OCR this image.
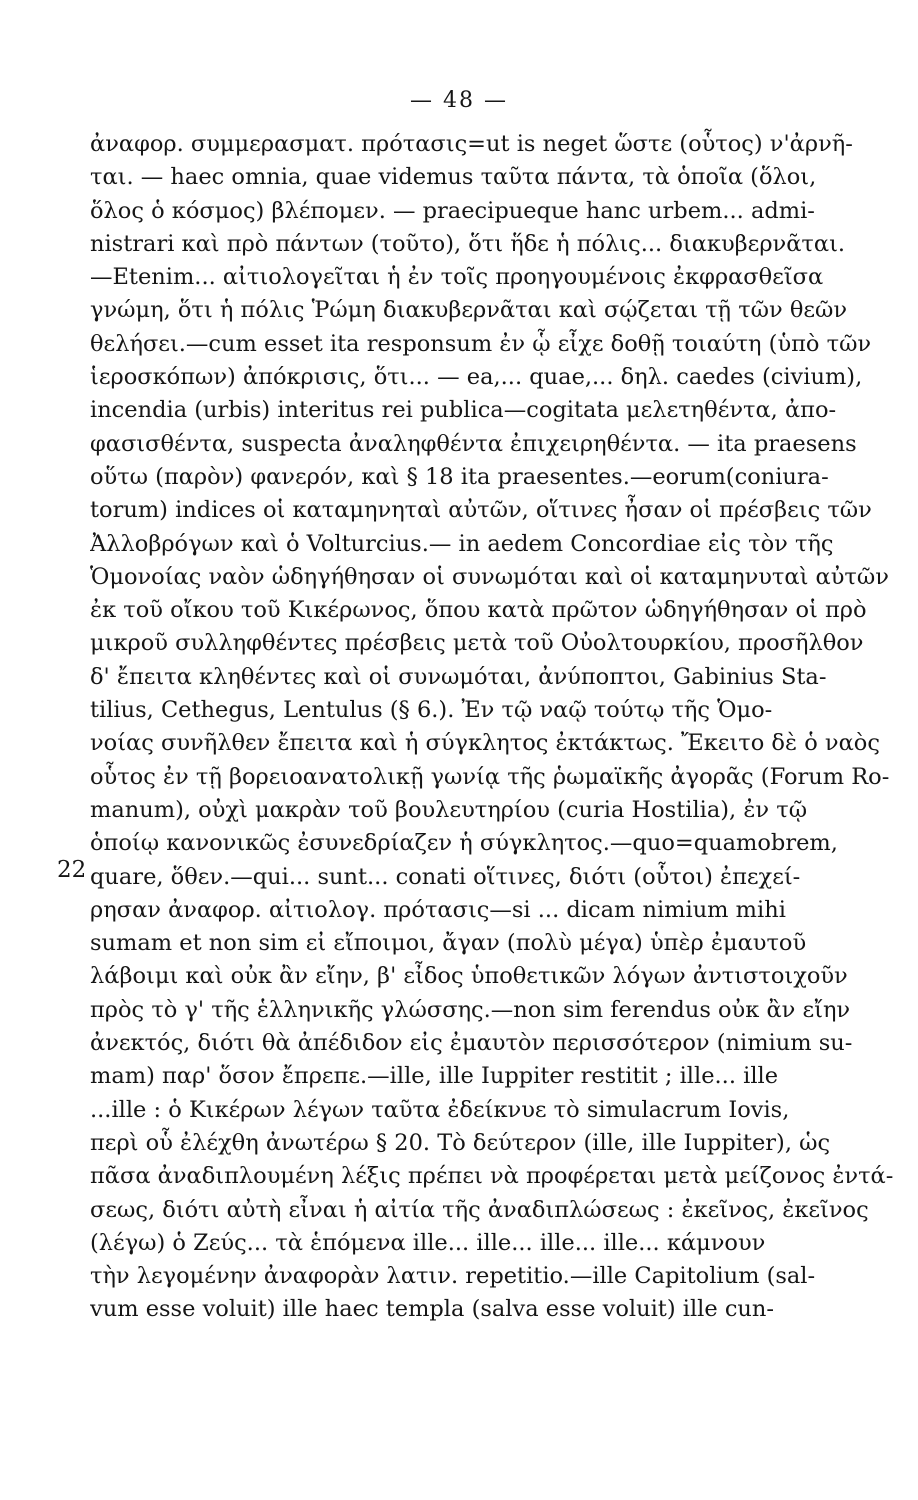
— 48 —
22
ἀναφορ. συμμερασματ. πρότασις=ut is neget ὥστε (οὗτος) ν'ἀρνῆ-
ται. — haec omnia, quae videmus ταῦτα πάντα, τὰ ὁποῖα (ὅλοι,
ὅλος ὁ κόσμος) βλέπομεν. — praecipueque hanc urbem... admi-
nistrari καὶ πρὸ πάντων (τοῦτο), ὅτι ἥδε ἡ πόλις... διακυβερνᾶται.
—Etenim... αἰτιολογεῖται ἡ ἐν τοῖς προηγουμένοις ἐκφρασθεῖσα
γνώμη, ὅτι ἡ πόλις Ῥώμη διακυβερνᾶται καὶ σῴζεται τῇ τῶν θεῶν
θελήσει.—cum esset ita responsum ἐν ᾧ εἶχε δοθῇ τοιαύτη (ὑπὸ τῶν
ἱεροσκόπων) ἀπόκρισις, ὅτι... — ea,... quae,... δηλ. caedes (civium),
incendia (urbis) interitus rei publica—cogitata μελετηθέντα, ἀπο-
φασισθέντα, suspecta ἀναληφθέντα ἐπιχειρηθέντα. — ita praesens
οὕτω (παρὸν) φανερόν, καὶ § 18 ita praesentes.—eorum(coniura-
torum) indices οἱ καταμηνηταὶ αὐτῶν, οἵτινες ἦσαν οἱ πρέσβεις τῶν
Ἀλλοβρόγων καὶ ὁ Volturcius.— in aedem Concordiae εἰς τὸν τῆς
Ὁμονοίας ναὸν ὡδηγήθησαν οἱ συνωμόται καὶ οἱ καταμηνυταὶ αὐτῶν
ἐκ τοῦ οἴκου τοῦ Κικέρωνος, ὅπου κατὰ πρῶτον ὡδηγήθησαν οἱ πρὸ
μικροῦ συλληφθέντες πρέσβεις μετὰ τοῦ Οὐολτουρκίου, προσῆλθον
δ' ἔπειτα κληθέντες καὶ οἱ συνωμόται, ἀνύποπτοι, Gabinius Sta-
tilius, Cethegus, Lentulus (§ 6.). Ἐν τῷ ναῷ τούτῳ τῆς Ὁμο-
νοίας συνῆλθεν ἔπειτα καὶ ἡ σύγκλητος ἐκτάκτως. Ἔκειτο δὲ ὁ ναὸς
οὗτος ἐν τῇ βορειοανατολικῇ γωνίᾳ τῆς ῥωμαϊκῆς ἀγορᾶς (Forum Ro-
manum), οὐχὶ μακρὰν τοῦ βουλευτηρίου (curia Hostilia), ἐν τῷ
ὁποίῳ κανονικῶς ἐσυνεδρίαζεν ἡ σύγκλητος.—quo=quamobrem,
quare, ὅθεν.—qui... sunt... conati οἵτινες, διότι (οὗτοι) ἐπεχεί-
ρησαν ἀναφορ. αἰτιολογ. πρότασις—si ... dicam nimium mihi
sumam et non sim εἰ εἴποιμοι, ἄγαν (πολὺ μέγα) ὑπὲρ ἐμαυτοῦ
λάβοιμι καὶ οὐκ ἂν εἴην, β' εἶδος ὑποθετικῶν λόγων ἀντιστοιχοῦν
πρὸς τὸ γ' τῆς ἑλληνικῆς γλώσσης.—non sim ferendus οὐκ ἂν εἴην
ἀνεκτός, διότι θὰ ἀπέδιδον εἰς ἐμαυτὸν περισσότερον (nimium su-
mam) παρ' ὅσον ἔπρεπε.—ille, ille Iuppiter restitit ; ille... ille
...ille : ὁ Κικέρων λέγων ταῦτα ἐδείκνυε τὸ simulacrum Iovis,
περὶ οὗ ἐλέχθη ἀνωτέρω § 20. Τὸ δεύτερον (ille, ille Iuppiter), ὡς
πᾶσα ἀναδιπλουμένη λέξις πρέπει νὰ προφέρεται μετὰ μείζονος ἐντά-
σεως, διότι αὐτὴ εἶναι ἡ αἰτία τῆς ἀναδιπλώσεως : ἐκεῖνος, ἐκεῖνος
(λέγω) ὁ Ζεύς... τὰ ἑπόμενα ille... ille... ille... ille... κάμνουν
τὴν λεγομένην ἀναφορὰν λατιν. repetitio.—ille Capitolium (sal-
vum esse voluit) ille haec templa (salva esse voluit) ille cun-
